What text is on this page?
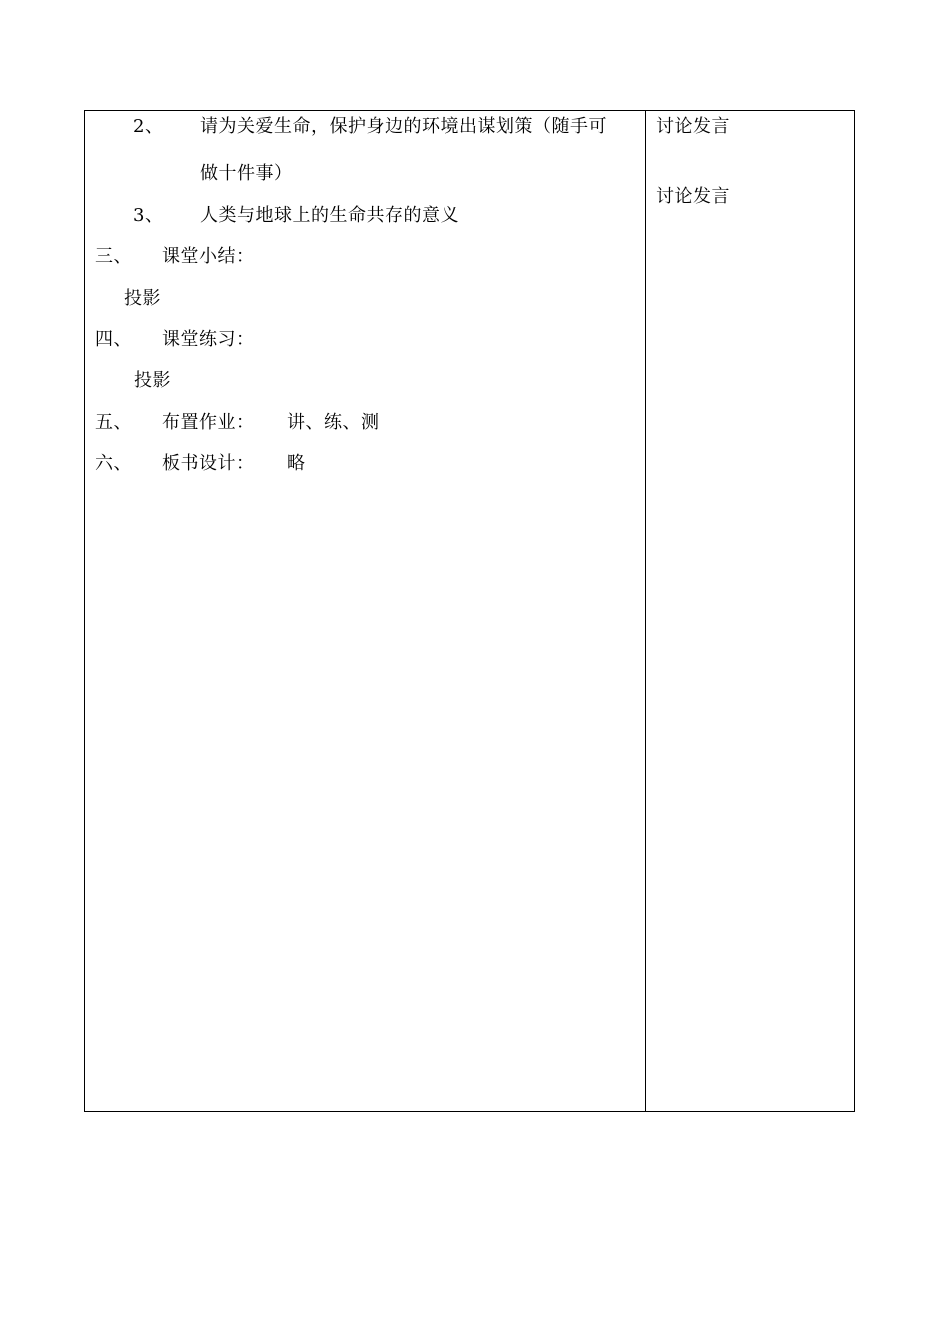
2、 请为关爱生命，保护身边的环境出谋划策（随手可
做十件事）
3、 人类与地球上的生命共存的意义
三、 课堂小结：
投影
四、 课堂练习：
投影
五、 布置作业： 讲、练、测
六、 板书设计： 略
讨论发言
讨论发言
